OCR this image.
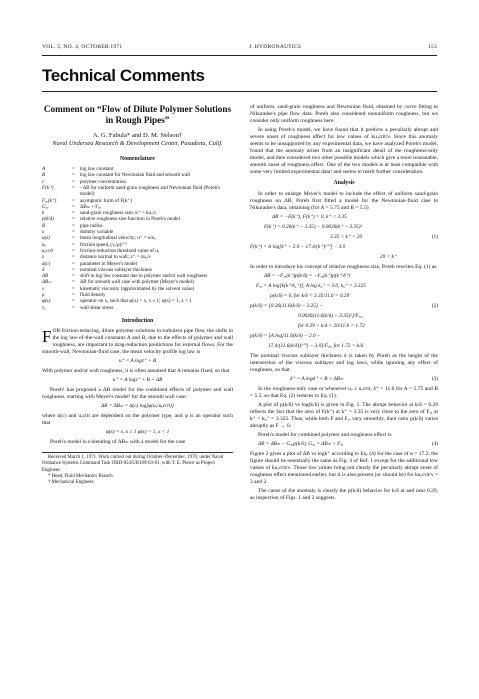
VOL. 5, NO. 4, OCTOBER 1971	J. HYDRONAUTICS	153
Technical Comments
Comment on “Flow of Dilute Polymer Solutions in Rough Pipes”
A. G. Fabula* and D. M. Nelson†
Naval Undersea Research & Development Center, Pasadena, Calif.
Nomenclature
A	=	log law constant
B	=	log law constant for Newtonian fluid and smooth wall
c	=	polymer concentration
F(k⁺)	=	−ΔB for uniform sand-grain roughness and Newtonian fluid (Poreh's model)
Fₔₐ(k⁺)	=	asymptotic form of F(k⁺)
Gₔₐ	=	ΔBₘ + Fₔₐ
k	=	sand-grain roughness size; k⁺ = kuₒ/ν
p(k/δ)	=	relative roughness size function in Poreh's model
R	=	pipe radius
x	=	dummy variable
u(z)	=	mean longitudinal velocity; u⁺ = u/uₒ
uₒ	=	friction speed, (τₒ/ρ)¹ᐟ²
uₒcrit	=	friction-reduction threshold value of uₒ
z	=	distance normal to wall; z⁺ = zuₒ/ν
α(c)	=	parameter in Meyer's model
δ	=	nominal viscous sublayer thickness
ΔB	=	shift in log law constant due to polymer and/or wall roughness
ΔBₘ	=	ΔB for smooth wall case with polymer (Meyer's model)
ν	=	kinematic viscosity (approximated by the solvent value)
ρ	=	fluid density
φ(x)	=	operator on x, such that φ(x) = x, x ≥ 1; φ(x) = 1, x < 1
τₒ	=	wall shear stress
Introduction

FOR friction-reducing, dilute polymer solutions in turbulent pipe flow, the shifts in the log law-of-the-wall constants A and B, due to the effects of polymer and wall roughness, are important to drag-reduction predictions for external flows. For the smooth-wall, Newtonian-fluid case, the mean velocity profile log law is

u⁺ = A logz⁺ + B

With polymer and/or wall roughness, it is often assumed that A remains fixed, so that

u⁺ = A logz⁺ + B + ΔB

Poreh¹ has proposed a ΔB model for the combined effects of polymer and wall roughness, starting with Meyer's model² for the smooth wall case:

ΔB = ΔBₘ = α(c) log[φ(uₒ/uₒcrit)]

where α(c) and uₒcrit are dependent on the polymer type, and φ is an operator such that

φ(x) = x, x ≥ 1 φ(x) = 1, x < 1

Poreh's model is a blending of ΔBₘ with a model for the case

Received March 1, 1971. Work carried out during October–December, 1970, under Naval Ordnance Systems Command Task ORD-054/UR109-03-01, with T. E. Pierce as Project Engineer.
* Head, Fluid Mechanics Branch.
† Mechanical Engineer.

of uniform, sand-grain roughness and Newtonian fluid, obtained by curve fitting to Nikuradse's pipe flow data. Poreh also considered nonuniform roughness, but we consider only uniform roughness here.

In using Poreh's model, we have found that it predicts a peculiarly abrupt and severe onset of roughness effect for low values of kuₒcrit/ν. Since this anomaly seems to be unsupported by any experimental data, we have analyzed Poreh's model, found that the anomaly arises from an insignificant detail of the roughness-only model, and then considered two other possible models which give a more reasonable, smooth onset of roughness effect. One of the two models is at least compatible with some very limited experimental data³ and seems to merit further consideration.

Analysis

In order to enlarge Meyer's model to include the effect of uniform sand-grain roughness on ΔB, Poreh first fitted a model for the Newtonian-fluid case to Nikuradse's data, obtaining (for A = 5.75 and B = 5.5)

ΔB = −F(k⁺), F(k⁺) = 0, k⁺ < 3.35
F(k⁺) = 0.26(k⁺ − 3.35) − 0.0026(k⁺ − 3.35)²
3.35 < k⁺ < 20	(1)
F(k⁺) = A log[k⁺ − 2.0 − 17.4/(k⁺)¹ᐟ³] − 3.0
20 < k⁺

In order to introduce his concept of relative roughness size, Poreh rewrites Eq. (1) as

ΔB = −Fₔₐ(k⁺)p(k/δ) = −Fₔₐ(k⁺)p(k⁺/δ⁺)
Fₔₐ = A log[k(k⁺/k₀⁺)], A log k₀⁺ = 3.0, k₀⁺ = 3.325
p(k/δ) = 0, for k/δ < 3.35/11.6 = 0.29
p(k/δ) = [0.26(11.6(k/δ) − 3.25] −	(2)
0.0026(11.6(k/δ) − 3.35)²]/Fₔₐ,
for 0.29 < k/δ < 20/11.6 = 1.72
p(k/δ) = [A log[11.6(k/δ) − 2.0 −
17.4/(11.6(k/δ))¹ᐟ³] − 3.0]/Fₔₐ, for 1.72 < k/δ

The nominal viscous sublayer thickness δ is taken by Poreh as the height of the intersection of the viscous sublayer and log laws, while ignoring any effect of roughness, so that

δ⁺ = A logδ⁺ + B + ΔBₘ	(3)

In the roughness-only case or whenever uₒ ≤ uₒcrit, δ⁺ = 11.6 for A = 5.75 and B = 5.5, so that Eq. (2) reduces to Eq. (1).

A plot of p(k/δ) vs log(k/δ) is given in Fig. 1. The abrupt behavior at k/δ = 0.29 reflects the fact that the zero of F(k⁺) at k⁺ = 3.35 is very close to the zero of Fₔₐ at k⁺ = k₀⁺ = 3.325. Thus, while both F and Fₔₐ vary smoothly, their ratio p(k/δ) varies abruptly as F → 0.

Poreh's model for combined polymer and roughness effect is

ΔB = ΔBₘ − Gₔₐp(k/δ), Gₔₐ = ΔBₘ + Fₔₐ	(4)

Figure 2 gives a plot of ΔB vs logk⁺ according to Eq. (4) for the case of α = 17.2; the figure should be essentially the same as Fig. 4 of Ref. 1 except for the additional low values of kuₒcrit/ν. Those low values bring out clearly the peculiarly abrupt onset of roughness effect mentioned earlier, but it is also present (or should be) for kuₒcrit/ν = 3 and 2.

The cause of the anomaly is clearly the p(k/δ) behavior for k/δ at and near 0.29, as inspection of Figs. 1 and 2 suggests.
